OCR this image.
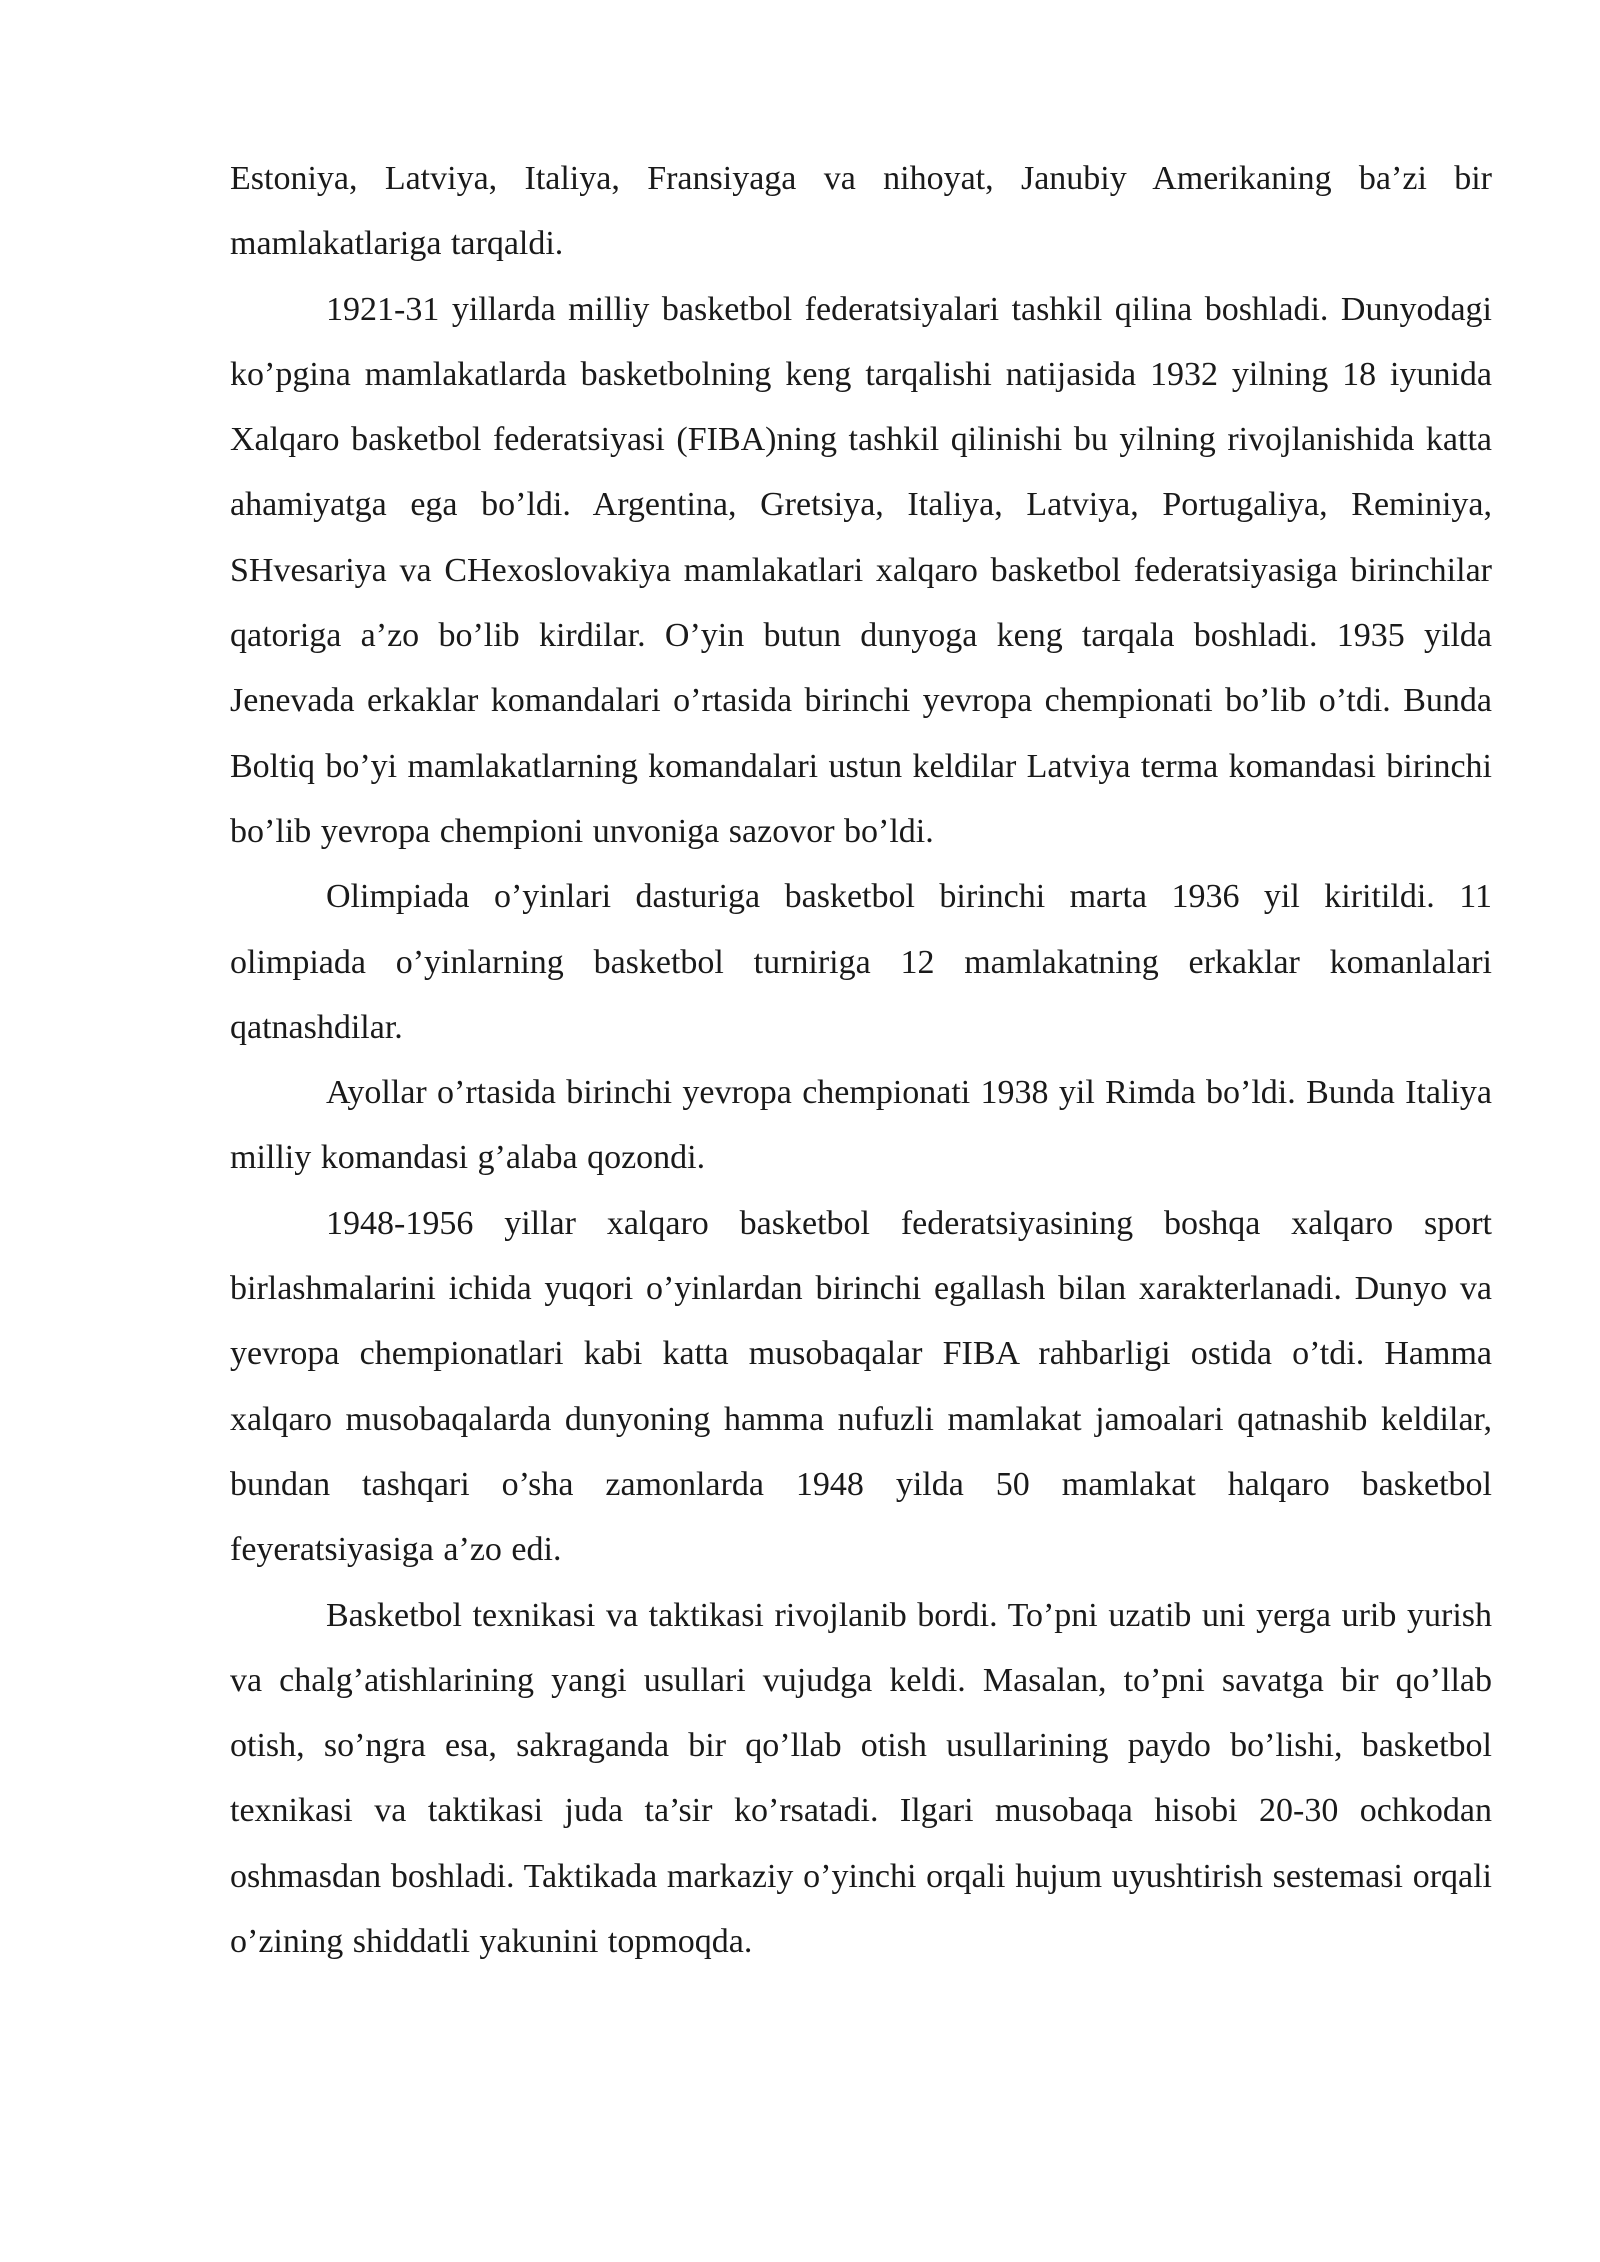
Estoniya, Latviya, Italiya, Fransiyaga va nihoyat, Janubiy Amerikaning ba’zi bir mamlakatlariga tarqaldi.

1921-31 yillarda milliy basketbol federatsiyalari tashkil qilina boshladi. Dunyodagi ko’pgina mamlakatlarda basketbolning keng tarqalishi natijasida 1932 yilning 18 iyunida Xalqaro basketbol federatsiyasi (FIBA)ning tashkil qilinishi bu yilning rivojlanishida katta ahamiyatga ega bo’ldi. Argentina, Gretsiya, Italiya, Latviya, Portugaliya, Reminiya, SHvesariya va CHexoslovakiya mamlakatlari xalqaro basketbol federatsiyasiga birinchilar qatoriga a’zo bo’lib kirdilar. O’yin butun dunyoga keng tarqala boshladi. 1935 yilda Jenevada erkaklar komandalari o’rtasida birinchi yevropa chempionati bo’lib o’tdi. Bunda Boltiq bo’yi mamlakatlarning komandalari ustun keldilar Latviya terma komandasi birinchi bo’lib yevropa chempioni unvoniga sazovor bo’ldi.

Olimpiada o’yinlari dasturiga basketbol birinchi marta 1936 yil kiritildi. 11 olimpiada o’yinlarning basketbol turniriga 12 mamlakatning erkaklar komanlalari qatnashdilar.

Ayollar o’rtasida birinchi yevropa chempionati 1938 yil Rimda bo’ldi. Bunda Italiya milliy komandasi g’alaba qozondi.

1948-1956 yillar xalqaro basketbol federatsiyasining boshqa xalqaro sport birlashmalarini ichida yuqori o’yinlardan birinchi egallash bilan xarakterlanadi. Dunyo va yevropa chempionatlari kabi katta musobaqalar FIBA rahbarligi ostida o’tdi. Hamma xalqaro musobaqalarda dunyoning hamma nufuzli mamlakat jamoalari qatnashib keldilar, bundan tashqari o’sha zamonlarda 1948 yilda 50 mamlakat halqaro basketbol feyeratsiyasiga a’zo edi.

Basketbol texnikasi va taktikasi rivojlanib bordi. To’pni uzatib uni yerga urib yurish va chalg’atishlarining yangi usullari vujudga keldi. Masalan, to’pni savatga bir qo’llab otish, so’ngra esa, sakraganda bir qo’llab otish usullarining paydo bo’lishi, basketbol texnikasi va taktikasi juda ta’sir ko’rsatadi. Ilgari musobaqa hisobi 20-30 ochkodan oshmasdan boshladi. Taktikada markaziy o’yinchi orqali hujum uyushtirish sestemasi orqali o’zining shiddatli yakunini topmoqda.
